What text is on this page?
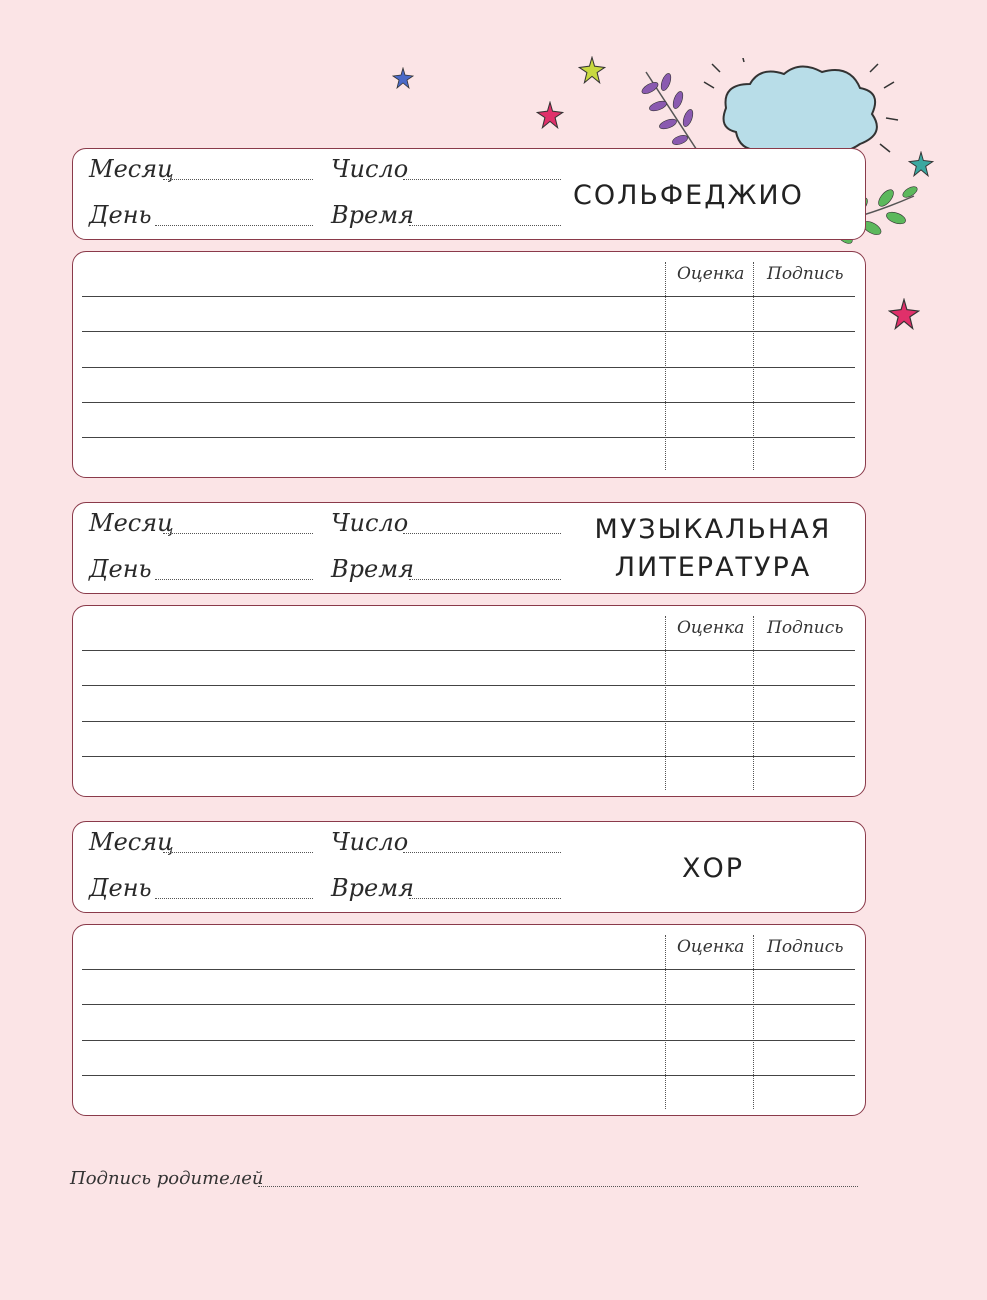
Месяц	Число
День	Время
СОЛЬФЕДЖИО
Оценка Подпись
Месяц	Число
День	Время
МУЗЫКАЛЬНАЯ
ЛИТЕРАТУРА
Оценка Подпись
Месяц	Число
День	Время
ХОР
Оценка Подпись
Подпись родителей
